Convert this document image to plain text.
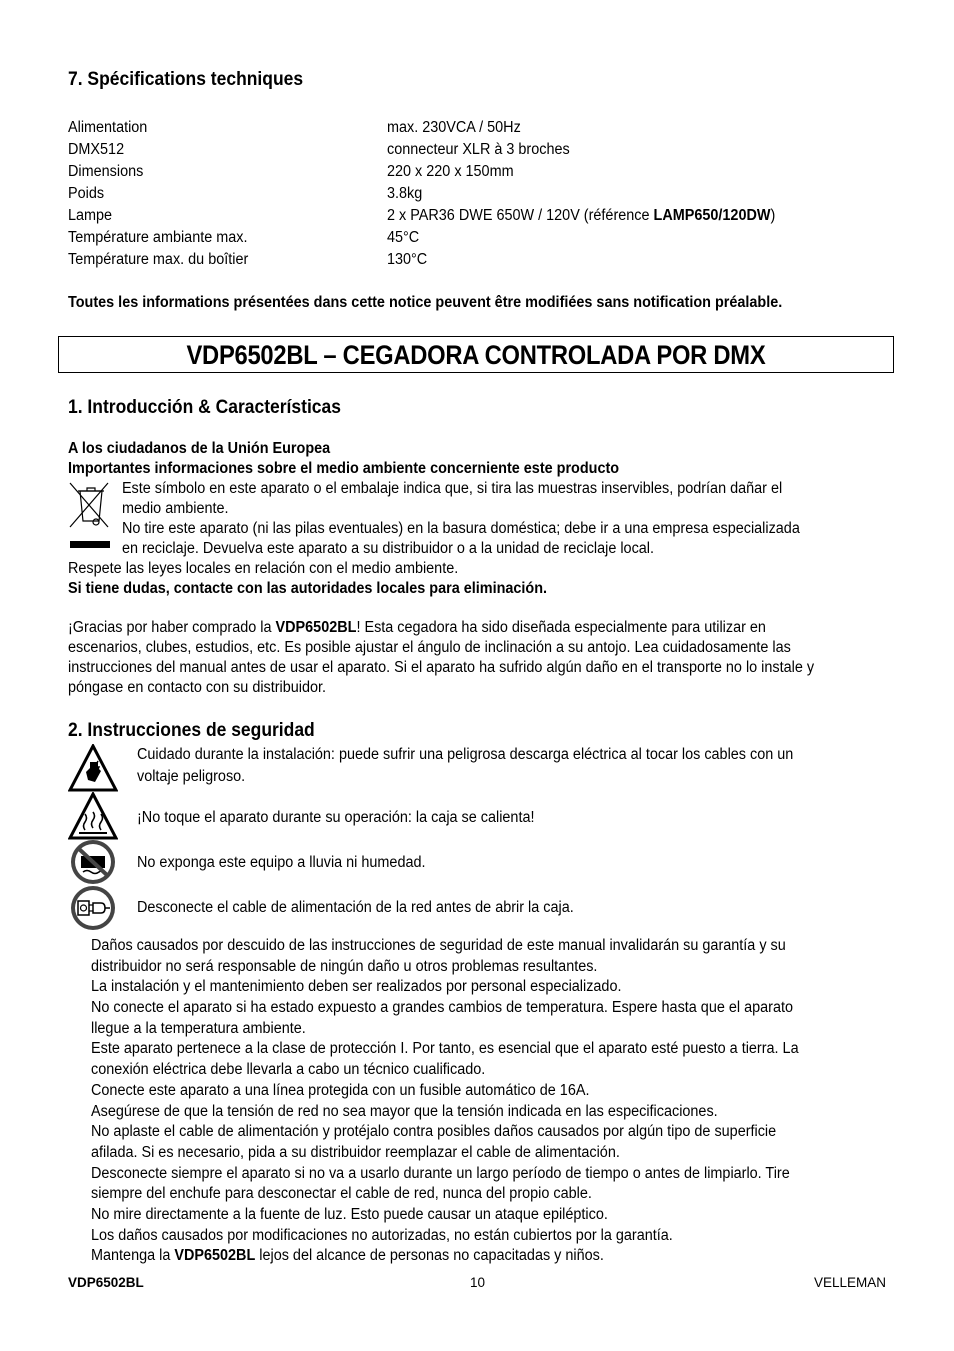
7. Spécifications techniques
Alimentation	max. 230VCA / 50Hz
DMX512	connecteur XLR à 3 broches
Dimensions	220 x 220 x 150mm
Poids	3.8kg
Lampe	2 x PAR36 DWE 650W / 120V (référence LAMP650/120DW)
Température ambiante max.	45°C
Température max. du boîtier	130°C
Toutes les informations présentées dans cette notice peuvent être modifiées sans notification préalable.
VDP6502BL – CEGADORA CONTROLADA POR DMX
1. Introducción & Características
A los ciudadanos de la Unión Europea
Importantes informaciones sobre el medio ambiente concerniente este producto
Este símbolo en este aparato o el embalaje indica que, si tira las muestras inservibles, podrían dañar el
medio ambiente.
No tire este aparato (ni las pilas eventuales) en la basura doméstica; debe ir a una empresa especializada
en reciclaje. Devuelva este aparato a su distribuidor o a la unidad de reciclaje local.
Respete las leyes locales en relación con el medio ambiente.
Si tiene dudas, contacte con las autoridades locales para eliminación.
¡Gracias por haber comprado la VDP6502BL! Esta cegadora ha sido diseñada especialmente para utilizar en
escenarios, clubes, estudios, etc. Es posible ajustar el ángulo de inclinación a su antojo. Lea cuidadosamente las
instrucciones del manual antes de usar el aparato. Si el aparato ha sufrido algún daño en el transporte no lo instale y
póngase en contacto con su distribuidor.
2. Instrucciones de seguridad
Cuidado durante la instalación: puede sufrir una peligrosa descarga eléctrica al tocar los cables con un
voltaje peligroso.
¡No toque el aparato durante su operación: la caja se calienta!
No exponga este equipo a lluvia ni humedad.
Desconecte el cable de alimentación de la red antes de abrir la caja.
Daños causados por descuido de las instrucciones de seguridad de este manual invalidarán su garantía y su
distribuidor no será responsable de ningún daño u otros problemas resultantes.
La instalación y el mantenimiento deben ser realizados por personal especializado.
No conecte el aparato si ha estado expuesto a grandes cambios de temperatura. Espere hasta que el aparato
llegue a la temperatura ambiente.
Este aparato pertenece a la clase de protección I. Por tanto, es esencial que el aparato esté puesto a tierra. La
conexión eléctrica debe llevarla a cabo un técnico cualificado.
Conecte este aparato a una línea protegida con un fusible automático de 16A.
Asegúrese de que la tensión de red no sea mayor que la tensión indicada en las especificaciones.
No aplaste el cable de alimentación y protéjalo contra posibles daños causados por algún tipo de superficie
afilada. Si es necesario, pida a su distribuidor reemplazar el cable de alimentación.
Desconecte siempre el aparato si no va a usarlo durante un largo período de tiempo o antes de limpiarlo. Tire
siempre del enchufe para desconectar el cable de red, nunca del propio cable.
No mire directamente a la fuente de luz. Esto puede causar un ataque epiléptico.
Los daños causados por modificaciones no autorizadas, no están cubiertos por la garantía.
Mantenga la VDP6502BL lejos del alcance de personas no capacitadas y niños.
VDP6502BL	10	VELLEMAN
